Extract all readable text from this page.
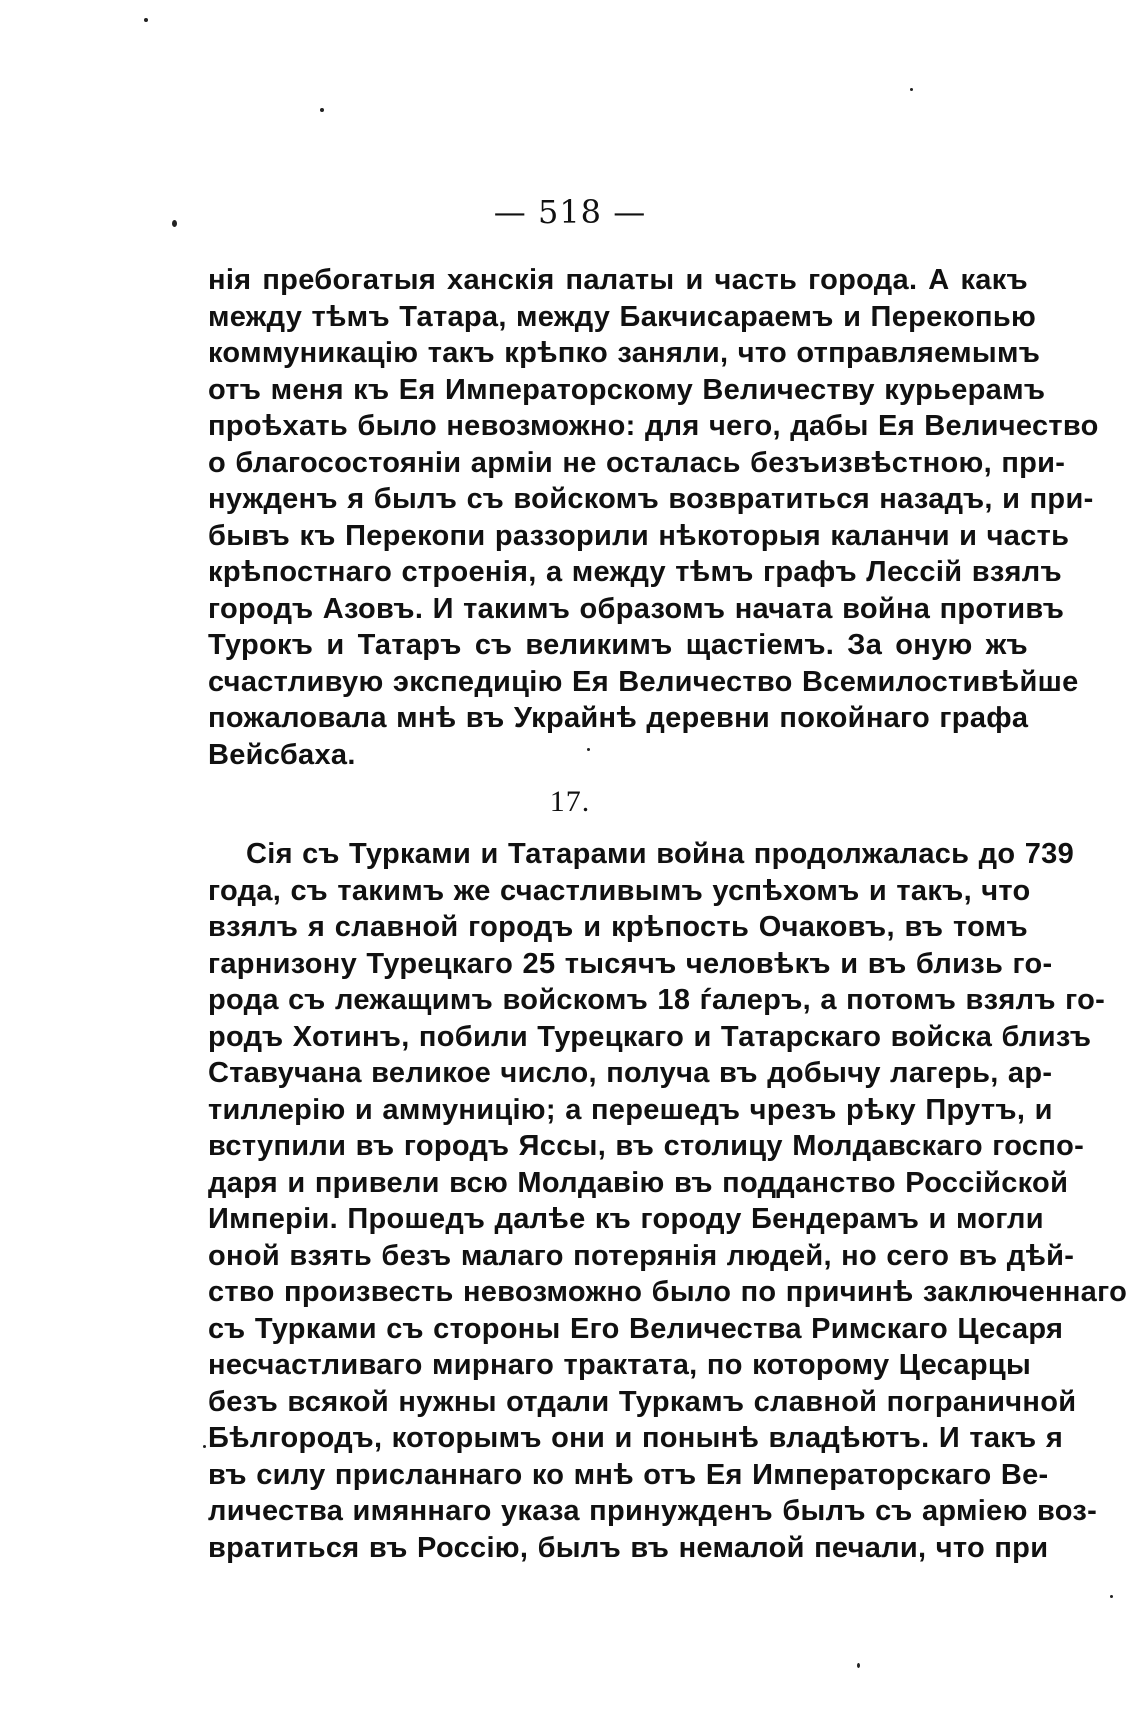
— 518 —
нія пребогатыя ханскія палаты и часть города. А какъ
между тѣмъ Татара, между Бакчисараемъ и Перекопью
коммуникацію такъ крѣпко заняли, что отправляемымъ
отъ меня къ Ея Императорскому Величеству курьерамъ
проѣхать было невозможно: для чего, дабы Ея Величество
о благосостояніи арміи не осталась безъизвѣстною, при-
нужденъ я былъ съ войскомъ возвратиться назадъ, и при-
бывъ къ Перекопи раззорили нѣкоторыя каланчи и часть
крѣпостнаго строенія, а между тѣмъ графъ Лессій взялъ
городъ Азовъ. И такимъ образомъ начата война противъ
Турокъ и Татаръ съ великимъ щастіемъ. За оную жъ
счастливую экспедицію Ея Величество Всемилостивѣйше
пожаловала мнѣ въ Украйнѣ деревни покойнаго графа
Вейсбаха.
17.
Сія съ Турками и Татарами война продолжалась до 739
года, съ такимъ же счастливымъ успѣхомъ и такъ, что
взялъ я славной городъ и крѣпость Очаковъ, въ томъ
гарнизону Турецкаго 25 тысячъ человѣкъ и въ близь го-
рода съ лежащимъ войскомъ 18 ѓалеръ, а потомъ взялъ го-
родъ Хотинъ, побили Турецкаго и Татарскаго войска близъ
Ставучана великое число, получа въ добычу лагерь, ар-
тиллерію и аммуницію; а перешедъ чрезъ рѣку Прутъ, и
вступили въ городъ Яссы, въ столицу Молдавскаго госпо-
даря и привели всю Молдавію въ подданство Россійской
Имперіи. Прошедъ далѣе къ городу Бендерамъ и могли
оной взять безъ малаго потерянія людей, но сего въ дѣй-
ство произвесть невозможно было по причинѣ заключеннаго
съ Турками съ стороны Его Величества Римскаго Цесаря
несчастливаго мирнаго трактата, по которому Цесарцы
безъ всякой нужны отдали Туркамъ славной пограничной
Бѣлгородъ, которымъ они и понынѣ владѣютъ. И такъ я
въ силу присланнаго ко мнѣ отъ Ея Императорскаго Ве-
личества имяннаго указа принужденъ былъ съ арміею воз-
вратиться въ Россію, былъ въ немалой печали, что при
